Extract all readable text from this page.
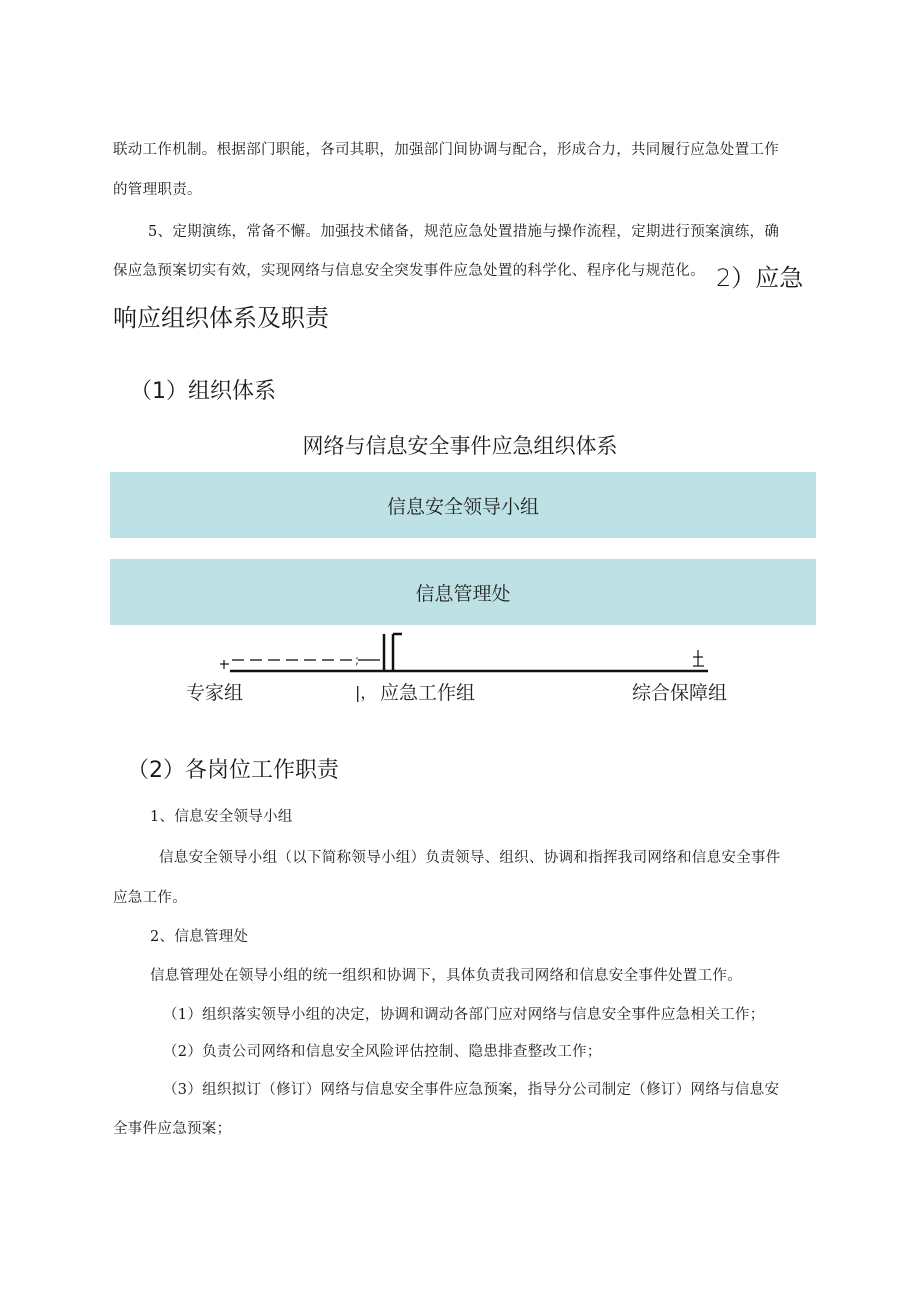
联动工作机制。根据部门职能，各司其职，加强部门间协调与配合，形成合力，共同履行应急处置工作
的管理职责。
5、定期演练，常备不懈。加强技术储备，规范应急处置措施与操作流程，定期进行预案演练，确
保应急预案切实有效，实现网络与信息安全突发事件应急处置的科学化、程序化与规范化。 2）应急
响应组织体系及职责
（1）组织体系
网络与信息安全事件应急组织体系
信息安全领导小组
信息管理处
;
专家组	|， 应急工作组	综合保障组
（2）各岗位工作职责
1、信息安全领导小组
信息安全领导小组（以下简称领导小组）负责领导、组织、协调和指挥我司网络和信息安全事件
应急工作。
2、信息管理处
信息管理处在领导小组的统一组织和协调下，具体负责我司网络和信息安全事件处置工作。
（1）组织落实领导小组的决定，协调和调动各部门应对网络与信息安全事件应急相关工作；
（2）负责公司网络和信息安全风险评估控制、隐患排查整改工作；
（3）组织拟订（修订）网络与信息安全事件应急预案，指导分公司制定（修订）网络与信息安
全事件应急预案；
